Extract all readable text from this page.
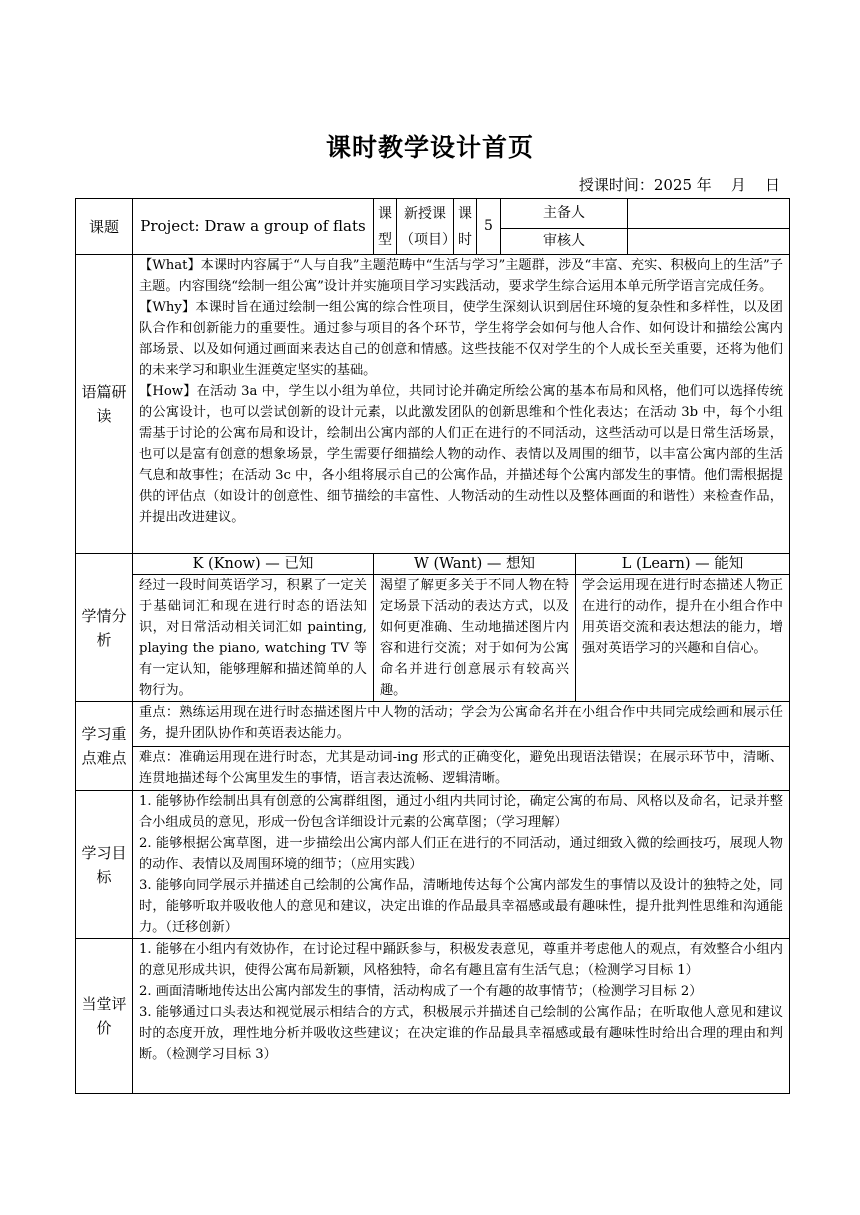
课时教学设计首页
授课时间：2025 年 月 日
课题	Project: Draw a group of flats	课型	新授课（项目）	课时	5	主备人		
						审核人		
语篇研读	【What】本课时内容属于“人与自我”主题范畴中“生活与学习”主题群，涉及“丰富、充实、积极向上的生活”子主题。内容围绕“绘制一组公寓”设计并实施项目学习实践活动，要求学生综合运用本单元所学语言完成任务。

【Why】本课时旨在通过绘制一组公寓的综合性项目，使学生深刻认识到居住环境的复杂性和多样性，以及团队合作和创新能力的重要性。通过参与项目的各个环节，学生将学会如何与他人合作、如何设计和描绘公寓内部场景、以及如何通过画面来表达自己的创意和情感。这些技能不仅对学生的个人成长至关重要，还将为他们的未来学习和职业生涯奠定坚实的基础。

【How】在活动 3a 中，学生以小组为单位，共同讨论并确定所绘公寓的基本布局和风格，他们可以选择传统的公寓设计，也可以尝试创新的设计元素，以此激发团队的创新思维和个性化表达；在活动 3b 中，每个小组需基于讨论的公寓布局和设计，绘制出公寓内部的人们正在进行的不同活动，这些活动可以是日常生活场景，也可以是富有创意的想象场景，学生需要仔细描绘人物的动作、表情以及周围的细节，以丰富公寓内部的生活气息和故事性；在活动 3c 中，各小组将展示自己的公寓作品，并描述每个公寓内部发生的事情。他们需根据提供的评估点（如设计的创意性、细节描绘的丰富性、人物活动的生动性以及整体画面的和谐性）来检查作品，并提出改进建议。							

学情分析	K (Know) — 已知	W (Want) — 想知					L (Learn) — 能知	
	经过一段时间英语学习，积累了一定关于基础词汇和现在进行时态的语法知识，对日常活动相关词汇如 painting, playing the piano, watching TV 等有一定认知，能够理解和描述简单的人物行为。	渴望了解更多关于不同人物在特定场景下活动的表达方式，以及如何更准确、生动地描述图片内容和进行交流；对于如何为公寓命名并进行创意展示有较高兴趣。					学会运用现在进行时态描述人物正在进行的动作，提升在小组合作中用英语交流和表达想法的能力，增强对英语学习的兴趣和自信心。	
学习重点难点	重点：熟练运用现在进行时态描述图片中人物的活动；学会为公寓命名并在小组合作中共同完成绘画和展示任务，提升团队协作和英语表达能力。							
	难点：准确运用现在进行时态，尤其是动词-ing 形式的正确变化，避免出现语法错误；在展示环节中，清晰、连贯地描述每个公寓里发生的事情，语言表达流畅、逻辑清晰。							
学习目标	1. 能够协作绘制出具有创意的公寓群组图，通过小组内共同讨论，确定公寓的布局、风格以及命名，记录并整合小组成员的意见，形成一份包含详细设计元素的公寓草图；（学习理解）

2. 能够根据公寓草图，进一步描绘出公寓内部人们正在进行的不同活动，通过细致入微的绘画技巧，展现人物的动作、表情以及周围环境的细节；（应用实践）

3. 能够向同学展示并描述自己绘制的公寓作品，清晰地传达每个公寓内部发生的事情以及设计的独特之处，同时，能够听取并吸收他人的意见和建议，决定出谁的作品最具幸福感或最有趣味性，提升批判性思维和沟通能力。（迁移创新）							

当堂评价	1. 能够在小组内有效协作，在讨论过程中踊跃参与，积极发表意见，尊重并考虑他人的观点，有效整合小组内的意见形成共识，使得公寓布局新颖，风格独特，命名有趣且富有生活气息；（检测学习目标 1）

2. 画面清晰地传达出公寓内部发生的事情，活动构成了一个有趣的故事情节；（检测学习目标 2）

3. 能够通过口头表达和视觉展示相结合的方式，积极展示并描述自己绘制的公寓作品；在听取他人意见和建议时的态度开放，理性地分析并吸收这些建议；在决定谁的作品最具幸福感或最有趣味性时给出合理的理由和判断。（检测学习目标 3）							
